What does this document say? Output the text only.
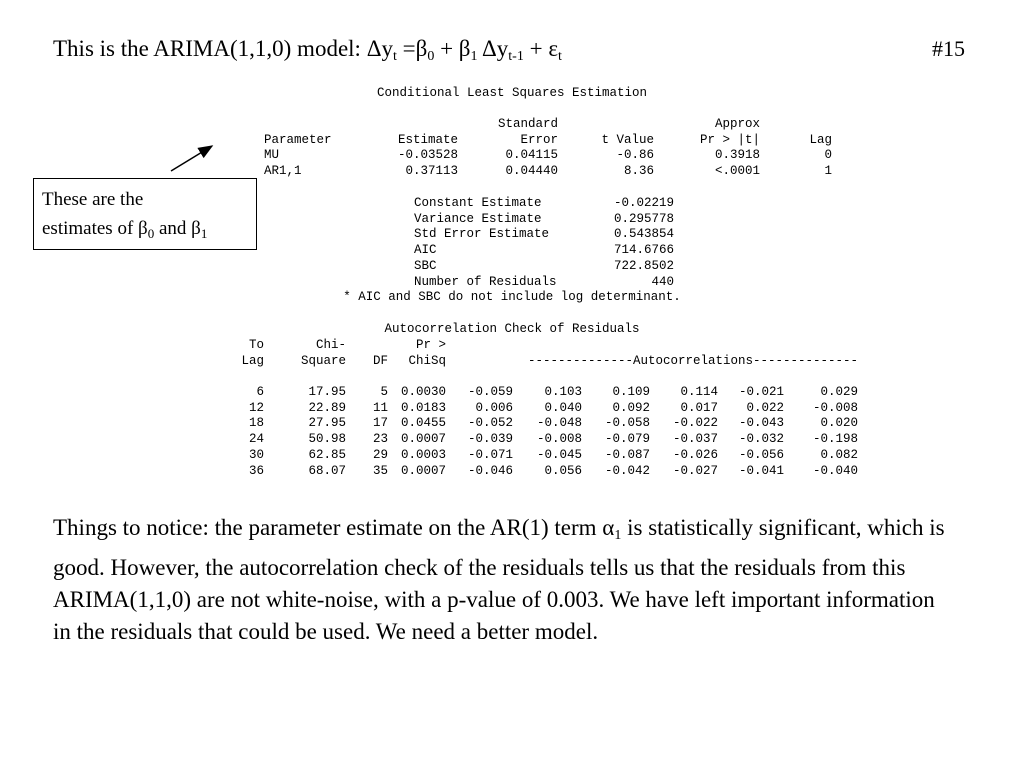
#15
This is the ARIMA(1,1,0) model: $\Delta y_t =\beta_0 + \beta_1$ $\Delta y_{t-1} + \varepsilon_t$
Conditional Least Squares Estimation
		Standard		Approx	
Parameter	Estimate	Error	t Value	Pr > |t|	Lag
MU	-0.03528	0.04115	-0.86	0.3918	0
AR1,1	0.37113	0.04440	8.36	<.0001	1
Constant Estimate	-0.02219
Variance Estimate	0.295778
Std Error Estimate	0.543854
AIC	714.6766
SBC	722.8502
Number of Residuals	440
* AIC and SBC do not include log determinant.
Autocorrelation Check of Residuals
To	Chi-		Pr >	
Lag	Square	DF	ChiSq	--------------Autocorrelations--------------
6	17.95	5	0.0030	-0.059	0.103	0.109	0.114	-0.021	0.029
12	22.89	11	0.0183	0.006	0.040	0.092	0.017	0.022	-0.008
18	27.95	17	0.0455	-0.052	-0.048	-0.058	-0.022	-0.043	0.020
24	50.98	23	0.0007	-0.039	-0.008	-0.079	-0.037	-0.032	-0.198
30	62.85	29	0.0003	-0.071	-0.045	-0.087	-0.026	-0.056	0.082
36	68.07	35	0.0007	-0.046	0.056	-0.042	-0.027	-0.041	-0.040
These are the
estimates of $\beta_0$ and $\beta_1$
Things to notice: the parameter estimate on the AR(1) term $\alpha_1$ is statistically significant, which is good. However, the autocorrelation check of the residuals tells us that the residuals from this ARIMA(1,1,0) are not white-noise, with a p-value of 0.003. We have left important information in the residuals that could be used. We need a better model.
